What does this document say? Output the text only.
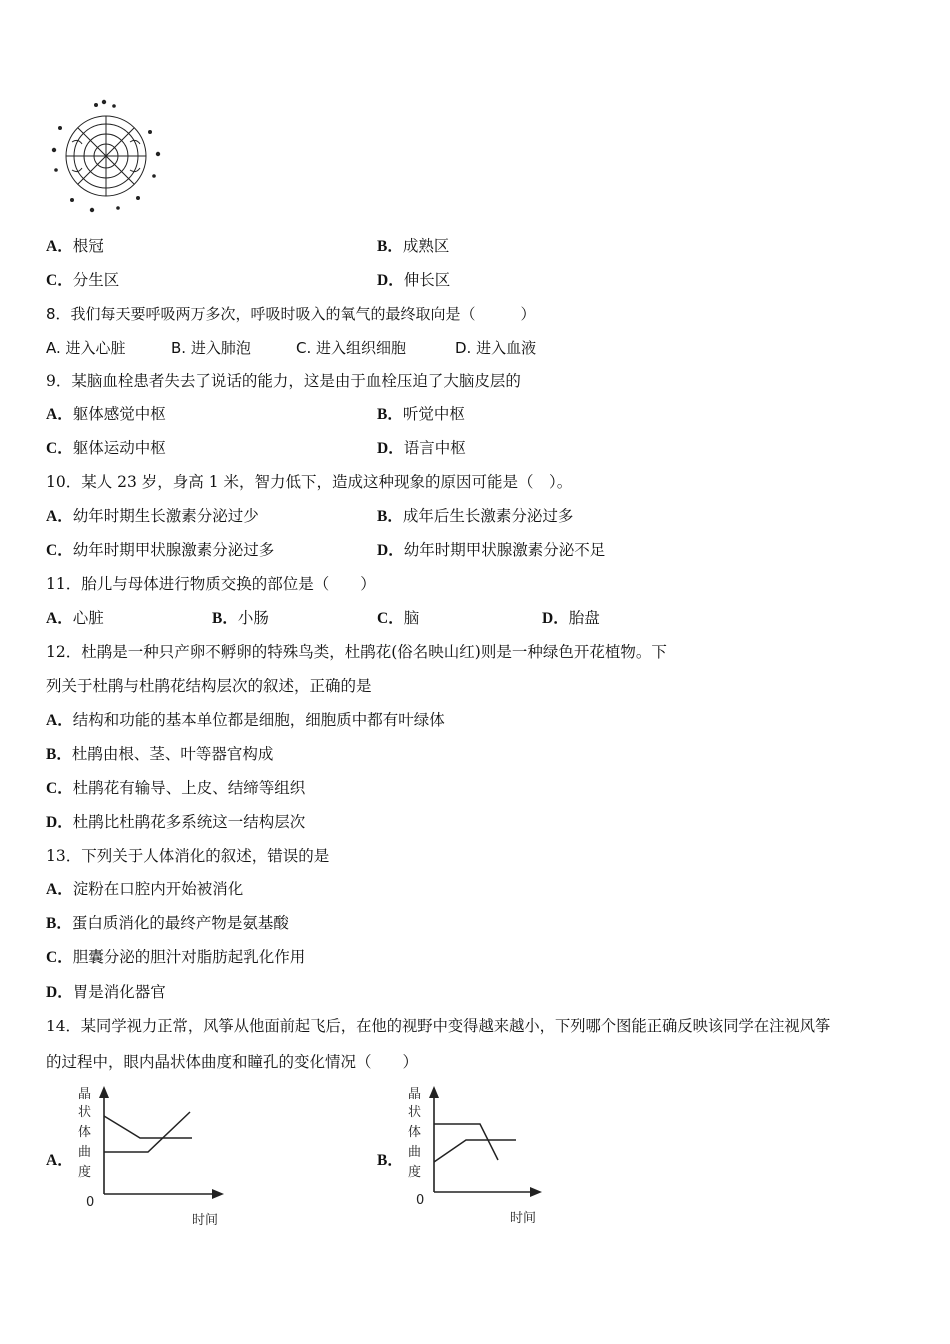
A．根冠	B．成熟区
C．分生区	D．伸长区
8．我们每天要呼吸两万多次，呼吸时吸入的氧气的最终取向是（　　　）
A. 进入心脏	B. 进入肺泡	C. 进入组织细胞	D. 进入血液
9．某脑血栓患者失去了说话的能力，这是由于血栓压迫了大脑皮层的
A．躯体感觉中枢	B．听觉中枢
C．躯体运动中枢	D．语言中枢
10．某人 23 岁，身高 1 米，智力低下，造成这种现象的原因可能是（　）。
A．幼年时期生长激素分泌过少	B．成年后生长激素分泌过多
C．幼年时期甲状腺激素分泌过多	D．幼年时期甲状腺激素分泌不足
11．胎儿与母体进行物质交换的部位是（　　）
A．心脏	B．小肠	C．脑	D．胎盘
12．杜鹃是一种只产卵不孵卵的特殊鸟类，杜鹃花(俗名映山红)则是一种绿色开花植物。下
列关于杜鹃与杜鹃花结构层次的叙述，正确的是
A．结构和功能的基本单位都是细胞，细胞质中都有叶绿体
B．杜鹃由根、茎、叶等器官构成
C．杜鹃花有输导、上皮、结缔等组织
D．杜鹃比杜鹃花多系统这一结构层次
13．下列关于人体消化的叙述，错误的是
A．淀粉在口腔内开始被消化
B．蛋白质消化的最终产物是氨基酸
C．胆囊分泌的胆汁对脂肪起乳化作用
D．胃是消化器官
14．某同学视力正常，风筝从他面前起飞后，在他的视野中变得越来越小，下列哪个图能正确反映该同学在注视风筝
的过程中，眼内晶状体曲度和瞳孔的变化情况（　　）
A．	B．
晶
状
体
曲
度
0
时间
晶
状
体
曲
度
0
时间
